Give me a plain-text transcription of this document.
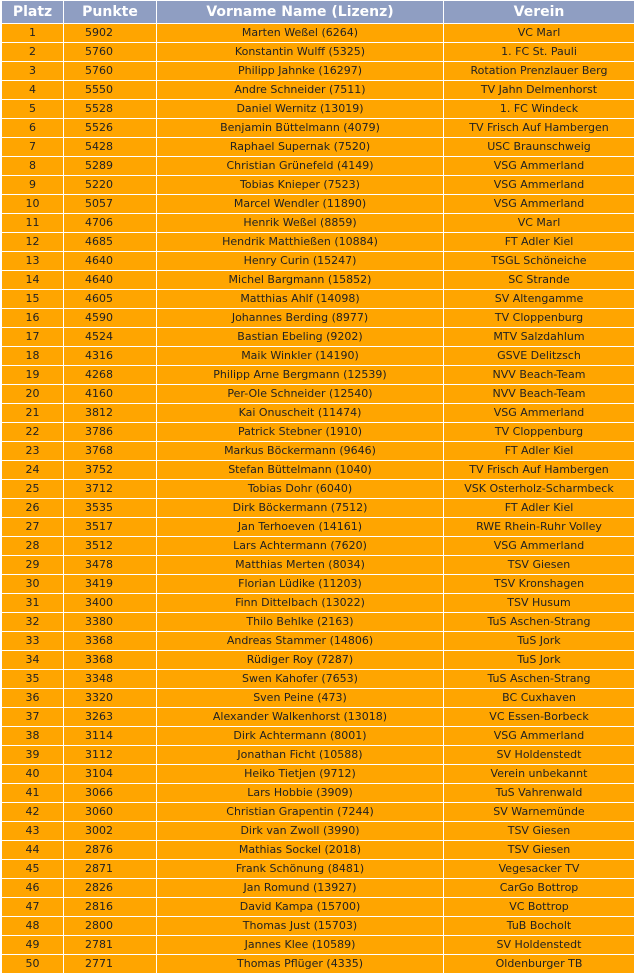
Platz	Punkte	Vorname Name (Lizenz)	Verein
1	5902	Marten Weßel (6264)	VC Marl
2	5760	Konstantin Wulff (5325)	1. FC St. Pauli
3	5760	Philipp Jahnke (16297)	Rotation Prenzlauer Berg
4	5550	Andre Schneider (7511)	TV Jahn Delmenhorst
5	5528	Daniel Wernitz (13019)	1. FC Windeck
6	5526	Benjamin Büttelmann (4079)	TV Frisch Auf Hambergen
7	5428	Raphael Supernak (7520)	USC Braunschweig
8	5289	Christian Grünefeld (4149)	VSG Ammerland
9	5220	Tobias Knieper (7523)	VSG Ammerland
10	5057	Marcel Wendler (11890)	VSG Ammerland
11	4706	Henrik Weßel (8859)	VC Marl
12	4685	Hendrik Matthießen (10884)	FT Adler Kiel
13	4640	Henry Curin (15247)	TSGL Schöneiche
14	4640	Michel Bargmann (15852)	SC Strande
15	4605	Matthias Ahlf (14098)	SV Altengamme
16	4590	Johannes Berding (8977)	TV Cloppenburg
17	4524	Bastian Ebeling (9202)	MTV Salzdahlum
18	4316	Maik Winkler (14190)	GSVE Delitzsch
19	4268	Philipp Arne Bergmann (12539)	NVV Beach-Team
20	4160	Per-Ole Schneider (12540)	NVV Beach-Team
21	3812	Kai Onuscheit (11474)	VSG Ammerland
22	3786	Patrick Stebner (1910)	TV Cloppenburg
23	3768	Markus Böckermann (9646)	FT Adler Kiel
24	3752	Stefan Büttelmann (1040)	TV Frisch Auf Hambergen
25	3712	Tobias Dohr (6040)	VSK Osterholz-Scharmbeck
26	3535	Dirk Böckermann (7512)	FT Adler Kiel
27	3517	Jan Terhoeven (14161)	RWE Rhein-Ruhr Volley
28	3512	Lars Achtermann (7620)	VSG Ammerland
29	3478	Matthias Merten (8034)	TSV Giesen
30	3419	Florian Lüdike (11203)	TSV Kronshagen
31	3400	Finn Dittelbach (13022)	TSV Husum
32	3380	Thilo Behlke (2163)	TuS Aschen-Strang
33	3368	Andreas Stammer (14806)	TuS Jork
34	3368	Rüdiger Roy (7287)	TuS Jork
35	3348	Swen Kahofer (7653)	TuS Aschen-Strang
36	3320	Sven Peine (473)	BC Cuxhaven
37	3263	Alexander Walkenhorst (13018)	VC Essen-Borbeck
38	3114	Dirk Achtermann (8001)	VSG Ammerland
39	3112	Jonathan Ficht (10588)	SV Holdenstedt
40	3104	Heiko Tietjen (9712)	Verein unbekannt
41	3066	Lars Hobbie (3909)	TuS Vahrenwald
42	3060	Christian Grapentin (7244)	SV Warnemünde
43	3002	Dirk van Zwoll (3990)	TSV Giesen
44	2876	Mathias Sockel (2018)	TSV Giesen
45	2871	Frank Schönung (8481)	Vegesacker TV
46	2826	Jan Romund (13927)	CarGo Bottrop
47	2816	David Kampa (15700)	VC Bottrop
48	2800	Thomas Just (15703)	TuB Bocholt
49	2781	Jannes Klee (10589)	SV Holdenstedt
50	2771	Thomas Pflüger (4335)	Oldenburger TB
